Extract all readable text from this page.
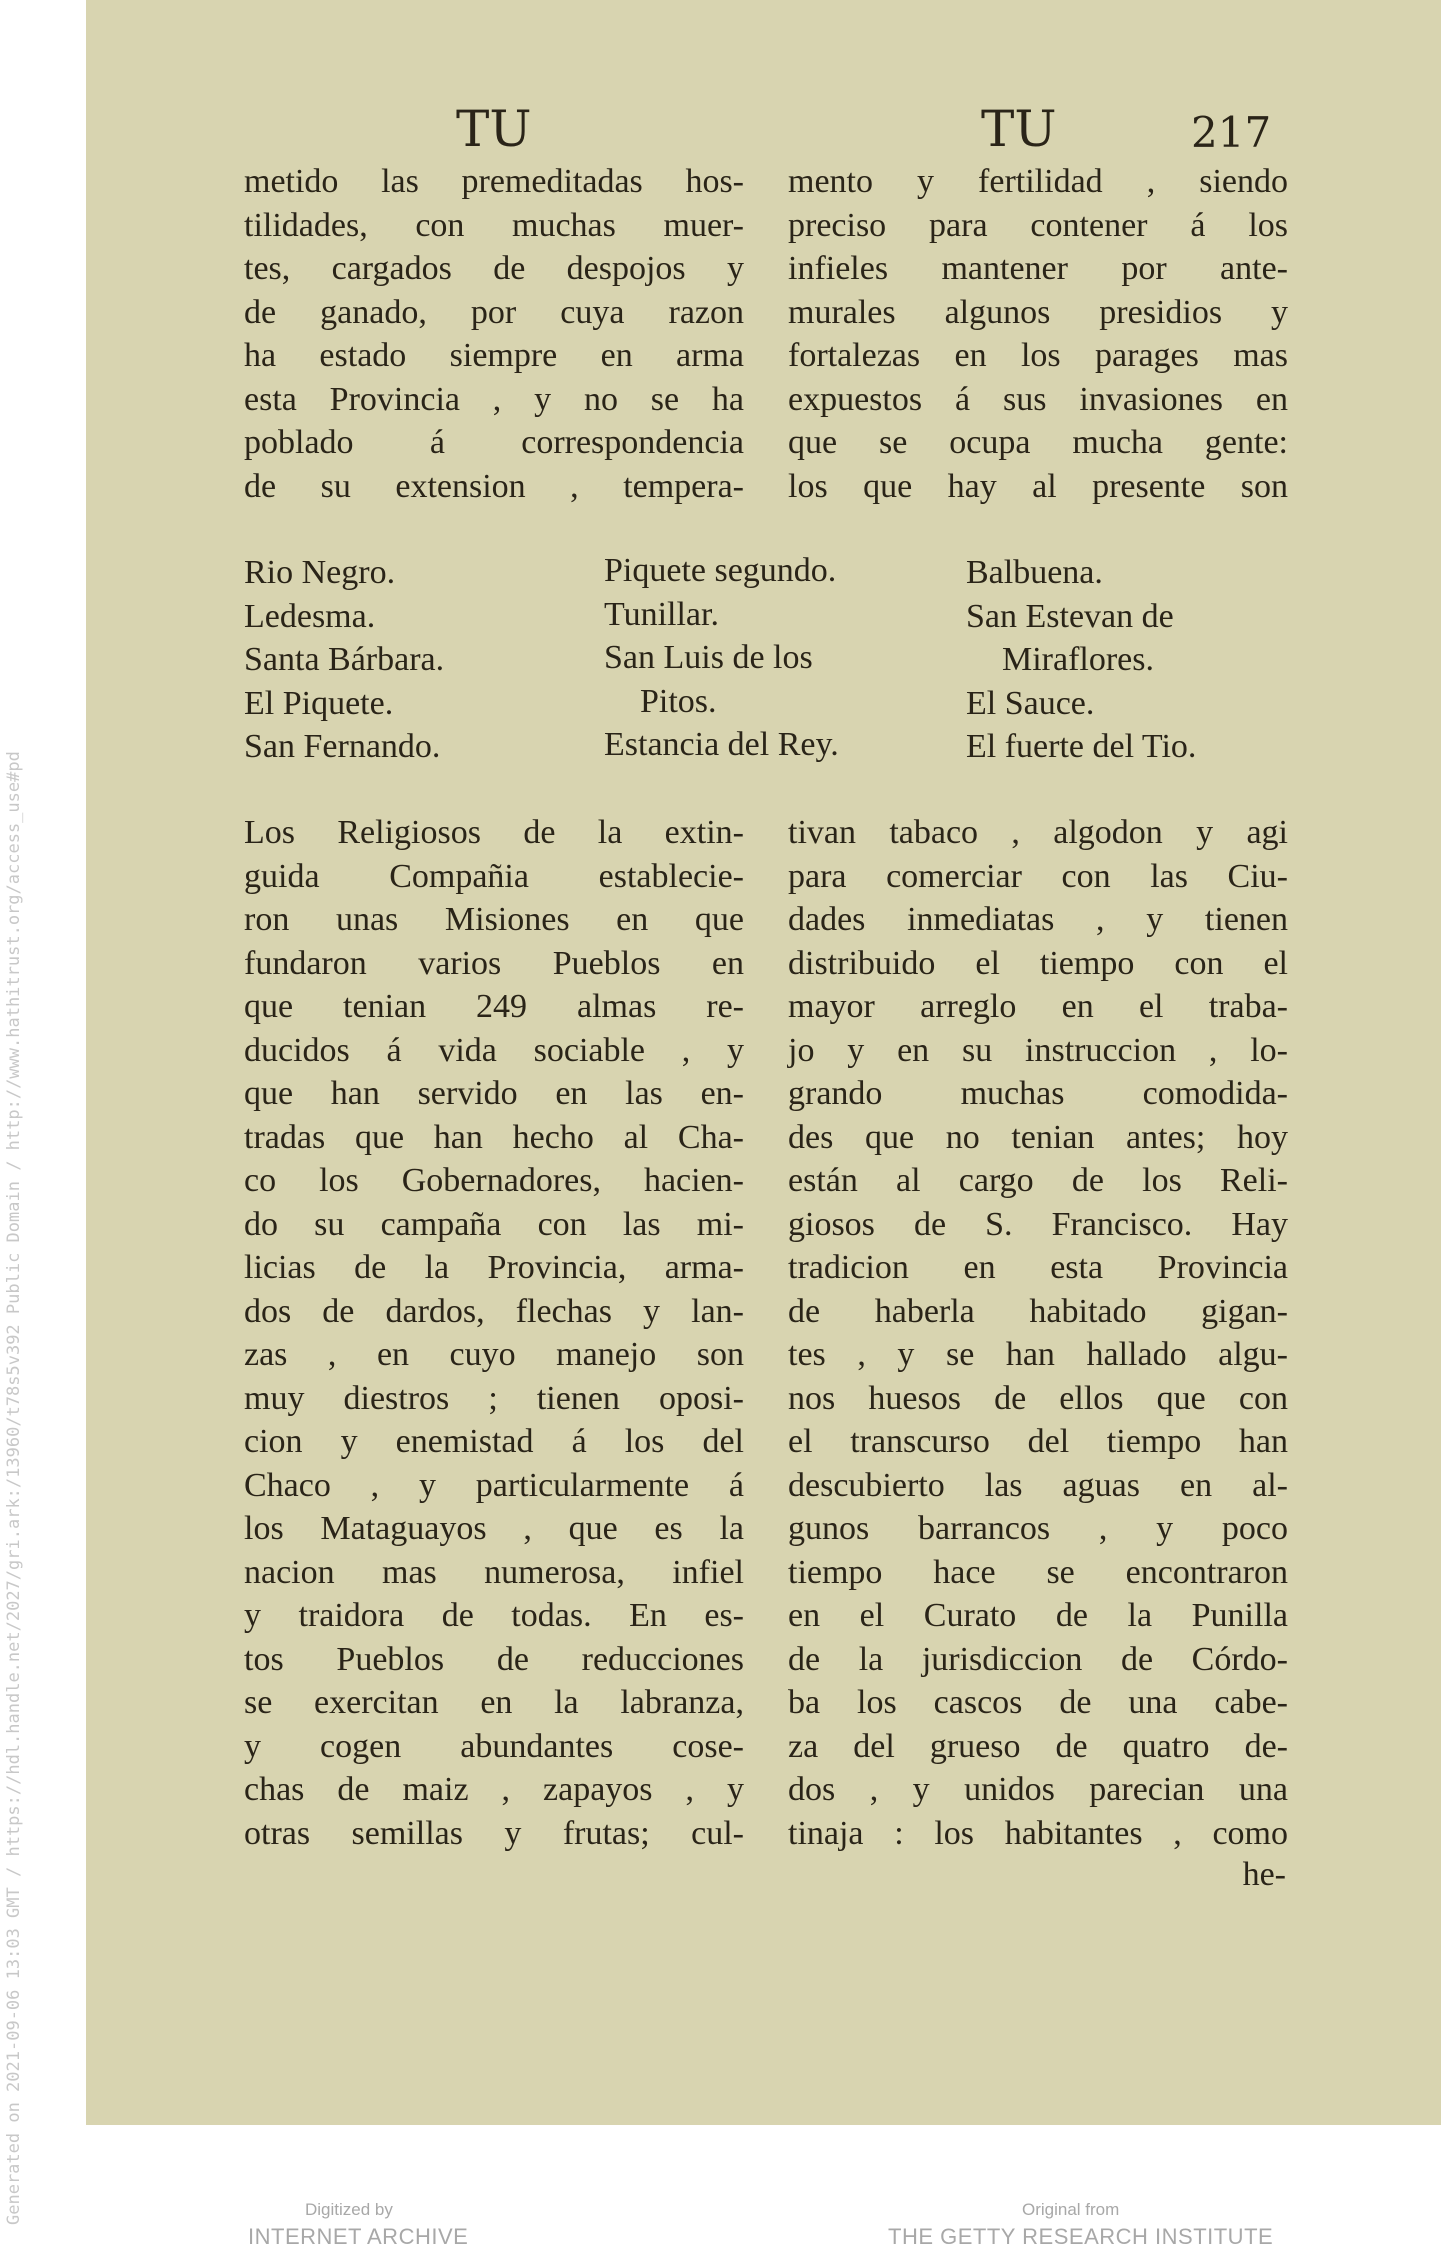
Generated on 2021-09-06 13:03 GMT / https://hdl.handle.net/2027/gri.ark:/13960/t78s5v392 Public Domain / http://www.hathitrust.org/access_use#pd
TU	TU	217
metido las premeditadas hos-
tilidades, con muchas muer-
tes, cargados de despojos y
de ganado, por cuya razon
ha estado siempre en arma
esta Provincia , y no se ha
poblado á correspondencia
de su extension , tempera-
mento y fertilidad , siendo
preciso para contener á los
infieles mantener por ante-
murales algunos presidios y
fortalezas en los parages mas
expuestos á sus invasiones en
que se ocupa mucha gente:
los que hay al presente son
Rio Negro.
Ledesma.
Santa Bárbara.
El Piquete.
San Fernando.
Piquete segundo.
Tunillar.
San Luis de los
Pitos.
Estancia del Rey.
Balbuena.
San Estevan de
Miraflores.
El Sauce.
El fuerte del Tio.
Los Religiosos de la extin-
guida Compañia establecie-
ron unas Misiones en que
fundaron varios Pueblos en
que tenian 249 almas re-
ducidos á vida sociable , y
que han servido en las en-
tradas que han hecho al Cha-
co los Gobernadores, hacien-
do su campaña con las mi-
licias de la Provincia, arma-
dos de dardos, flechas y lan-
zas , en cuyo manejo son
muy diestros ; tienen oposi-
cion y enemistad á los del
Chaco , y particularmente á
los Mataguayos , que es la
nacion mas numerosa, infiel
y traidora de todas. En es-
tos Pueblos de reducciones
se exercitan en la labranza,
y cogen abundantes cose-
chas de maiz , zapayos , y
otras semillas y frutas; cul-
tivan tabaco , algodon y agi
para comerciar con las Ciu-
dades inmediatas , y tienen
distribuido el tiempo con el
mayor arreglo en el traba-
jo y en su instruccion , lo-
grando muchas comodida-
des que no tenian antes; hoy
están al cargo de los Reli-
giosos de S. Francisco. Hay
tradicion en esta Provincia
de haberla habitado gigan-
tes , y se han hallado algu-
nos huesos de ellos que con
el transcurso del tiempo han
descubierto las aguas en al-
gunos barrancos , y poco
tiempo hace se encontraron
en el Curato de la Punilla
de la jurisdiccion de Córdo-
ba los cascos de una cabe-
za del grueso de quatro de-
dos , y unidos parecian una
tinaja : los habitantes , como
he-
Digitized by
INTERNET ARCHIVE
Original from
THE GETTY RESEARCH INSTITUTE
